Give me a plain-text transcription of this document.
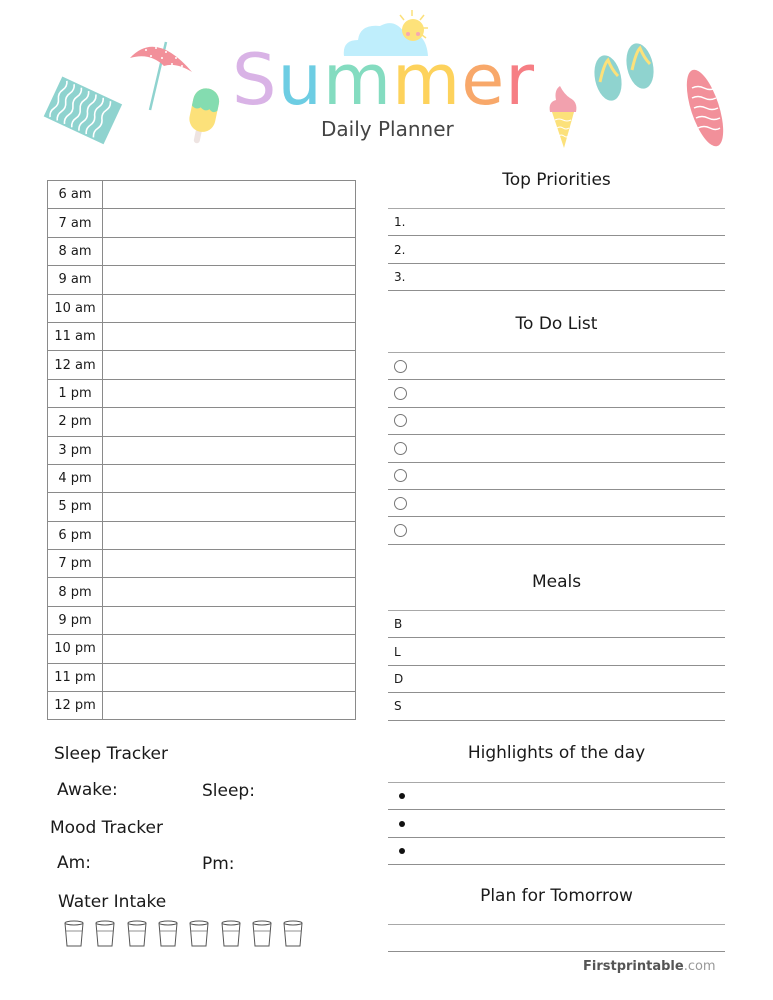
Summer
Daily Planner
6 am	
7 am	
8 am	
9 am	
10 am	
11 am	
12 am	
1 pm	
2 pm	
3 pm	
4 pm	
5 pm	
6 pm	
7 pm	
8 pm	
9 pm	
10 pm	
11 pm	
12 pm	
Top Priorities
1.
2.
3.
To Do List
Meals
B
L
D
S
Highlights of the day
Plan for Tomorrow
Sleep Tracker
Awake:	Sleep:
Mood Tracker
Am:	Pm:
Water Intake
Firstprintable.com
